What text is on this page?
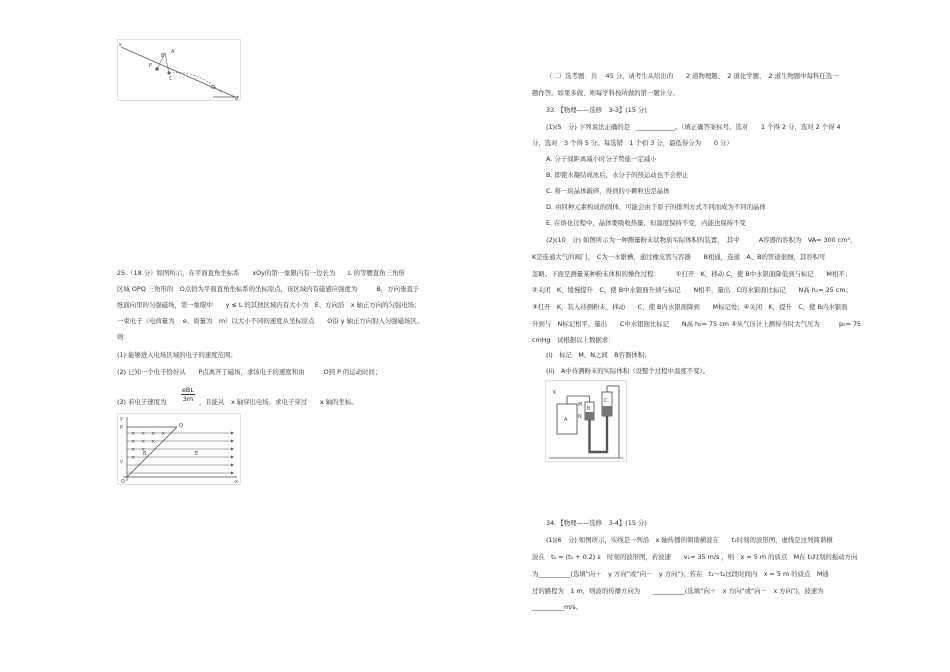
s
P
B
A
C
Q
d
25.（18 分）如图所示，在平面直角坐标系　　xOy的第一象限内有一边长为　　L 的等腰直角三角形
区域 OPQ 三角形的　O点恰为平面直角坐标系的坐标原点，该区域内有磁感应强度为　　　B，方向垂直于
纸面向里的匀强磁场，第一象限中　　y ≤ L 的其他区域内有大小为　E、方向沿　x 轴正方向的匀强电场；
一束电子（电荷量为　 e、质量为　m）以大小不同的速度从坐标原点　　O沿 y 轴正方向射入匀强磁场区。
则：
(1) 能够进入电场区域的电子的速度范围；
(2) 已知一个电子恰好从　　P点离开了磁场，求该电子的速度和由　　　O到 P 的运动时间；
(3) 若电子速度为
eBL
3m ，且能从　x 轴穿出电场，求电子穿过　　x 轴的坐标。
× × × ×
× × ×
× ×
×
y
P	Q
B	E
v
O	x
（二）选考题：共　 45 分，请考生从给出的　　2 道物理题、　2 道化学题、　2 道生物题中每科任选一
题作答。如果多做，则每学科按所做的第一题计分。
33．【物理——选修　3-3】(15 分)
(1)(5　分) 下列说法正确的是　____________。（填正确答案标号。选对　　1 个得 2 分，选对 2 个得 4
分，选对　3 个得 5 分。每选错　1 个扣 3 分，最低得分为　　0 分）
A. 分子间距离减小时分子势能一定减小
B. 即使水凝结成冰后，水分子的热运动也不会停止
C. 将一块晶体敲碎，得到的小颗粒也是晶体
D. 由同种元素构成的固体，可能会由于原子的排列方式不同而成为不同的晶体
E. 在熔化过程中，晶体要吸收热量，但温度保持不变，内能也保持不变
(2)(10　分) 如图所示为一种测量粉末状物质实际体积的装置，　其中　　　A容器的容积为　VA= 300 cm³，
K是连通大气的阀门，　C为一水银槽，通过橡皮管与容器　　B相通，连通　A、B的管道很细，其容积可
忽略。下面是测量某种粉末体积的操作过程：　　　①打开　K，移动 C，使 B中水银面降低到与标记　　M相平；
②关闭　K，缓慢提升　C，使 B中水银面升到与标记　　N相平，量出　C的水银面比标记　　N高 h₁= 25 cm；
③打开　K，装入待测粉末，移动　　C，使 B内水银面降到　　M标记处；④关闭　K，提升　C，使 B内水银面
升到与　N标记相平，量出　　C中水银面比标记　　N高 h₂= 75 cm ⑤从气压计上测得当时大气压为　　　p₀= 75
cmHg　试根据以上数据求：
(i)　标记　M、N之间　B容器体积；
(ii)　A中待测粉末的实际体积（设整个过程中温度不变）。
A
B
C
K
M
N
34．【物理——选修　3-4】(15 分)
(1)(6　分) 如图所示，实线是一列沿　x 轴传播的简谐横波在　　t₁时刻的波形图，虚线是这列简谐横
波在　t₂ = (t₁ + 0.2) s　时刻的波形图，若波速　　v₁= 35 m/s ，则　x = 5 m 的质点　M在 t₁时刻的振动方向
为__________(选填“向＋　y 方向”或“向－　y 方向”)；若在　t₁～t₂这段时间内　x = 5 m 的质点　M通
过的路程为　1 m，则波的传播方向为　　__________(选填“向＋　x 方向”或“向－　x 方向”)，波速为
__________m/s。
